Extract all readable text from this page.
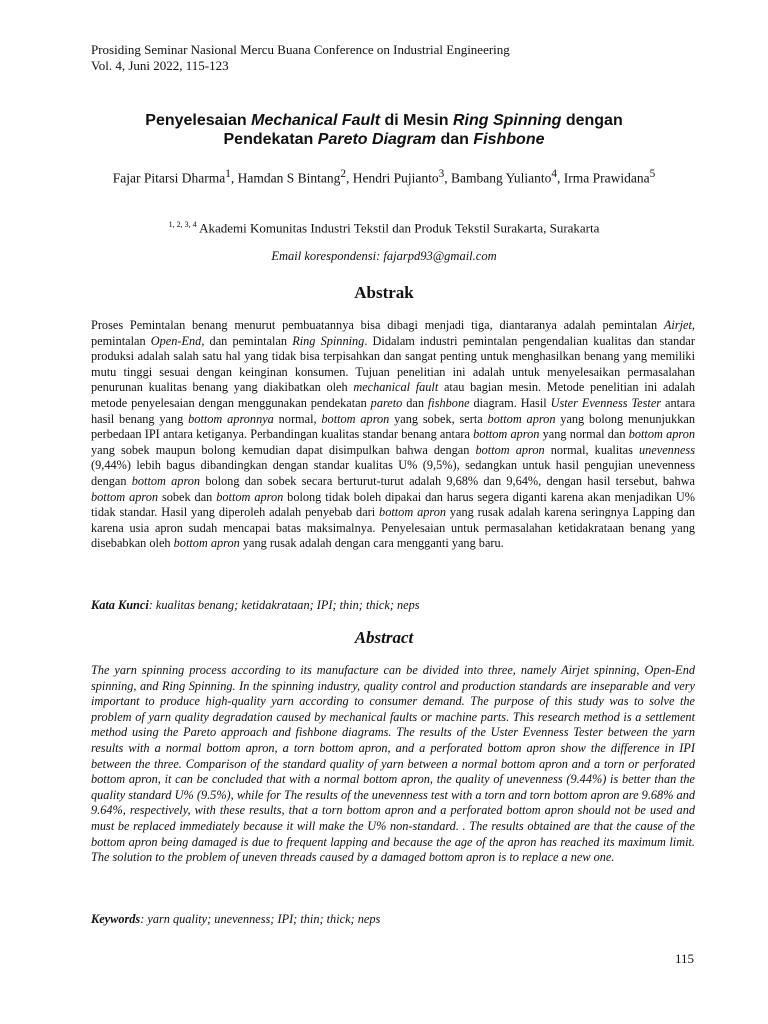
Prosiding Seminar Nasional Mercu Buana Conference on Industrial Engineering
Vol. 4, Juni 2022, 115-123
Penyelesaian Mechanical Fault di Mesin Ring Spinning dengan
Pendekatan Pareto Diagram dan Fishbone
Fajar Pitarsi Dharma$^1$, Hamdan S Bintang$^2$, Hendri Pujianto$^3$, Bambang Yulianto$^4$, Irma Prawidana$^5$
$^{1, 2, 3, 4}$ Akademi Komunitas Industri Tekstil dan Produk Tekstil Surakarta, Surakarta
Email korespondensi: fajarpd93@gmail.com
Abstrak
Proses Pemintalan benang menurut pembuatannya bisa dibagi menjadi tiga, diantaranya adalah pemintalan Airjet, pemintalan Open-End, dan pemintalan Ring Spinning. Didalam industri pemintalan pengendalian kualitas dan standar produksi adalah salah satu hal yang tidak bisa terpisahkan dan sangat penting untuk menghasilkan benang yang memiliki mutu tinggi sesuai dengan keinginan konsumen. Tujuan penelitian ini adalah untuk menyelesaikan permasalahan penurunan kualitas benang yang diakibatkan oleh mechanical fault atau bagian mesin. Metode penelitian ini adalah metode penyelesaian dengan menggunakan pendekatan pareto dan fishbone diagram. Hasil Uster Evenness Tester antara hasil benang yang bottom apronnya normal, bottom apron yang sobek, serta bottom apron yang bolong menunjukkan perbedaan IPI antara ketiganya. Perbandingan kualitas standar benang antara bottom apron yang normal dan bottom apron yang sobek maupun bolong kemudian dapat disimpulkan bahwa dengan bottom apron normal, kualitas unevenness (9,44%) lebih bagus dibandingkan dengan standar kualitas U% (9,5%), sedangkan untuk hasil pengujian unevenness dengan bottom apron bolong dan sobek secara berturut-turut adalah 9,68% dan 9,64%, dengan hasil tersebut, bahwa bottom apron sobek dan bottom apron bolong tidak boleh dipakai dan harus segera diganti karena akan menjadikan U% tidak standar. Hasil yang diperoleh adalah penyebab dari bottom apron yang rusak adalah karena seringnya Lapping dan karena usia apron sudah mencapai batas maksimalnya. Penyelesaian untuk permasalahan ketidakrataan benang yang disebabkan oleh bottom apron yang rusak adalah dengan cara mengganti yang baru.
Kata Kunci: kualitas benang; ketidakrataan; IPI; thin; thick; neps
Abstract
The yarn spinning process according to its manufacture can be divided into three, namely Airjet spinning, Open-End spinning, and Ring Spinning. In the spinning industry, quality control and production standards are inseparable and very important to produce high-quality yarn according to consumer demand. The purpose of this study was to solve the problem of yarn quality degradation caused by mechanical faults or machine parts. This research method is a settlement method using the Pareto approach and fishbone diagrams. The results of the Uster Evenness Tester between the yarn results with a normal bottom apron, a torn bottom apron, and a perforated bottom apron show the difference in IPI between the three. Comparison of the standard quality of yarn between a normal bottom apron and a torn or perforated bottom apron, it can be concluded that with a normal bottom apron, the quality of unevenness (9.44%) is better than the quality standard U% (9.5%), while for The results of the unevenness test with a torn and torn bottom apron are 9.68% and 9.64%, respectively, with these results, that a torn bottom apron and a perforated bottom apron should not be used and must be replaced immediately because it will make the U% non-standard. . The results obtained are that the cause of the bottom apron being damaged is due to frequent lapping and because the age of the apron has reached its maximum limit. The solution to the problem of uneven threads caused by a damaged bottom apron is to replace a new one.
Keywords: yarn quality; unevenness; IPI; thin; thick; neps
115
